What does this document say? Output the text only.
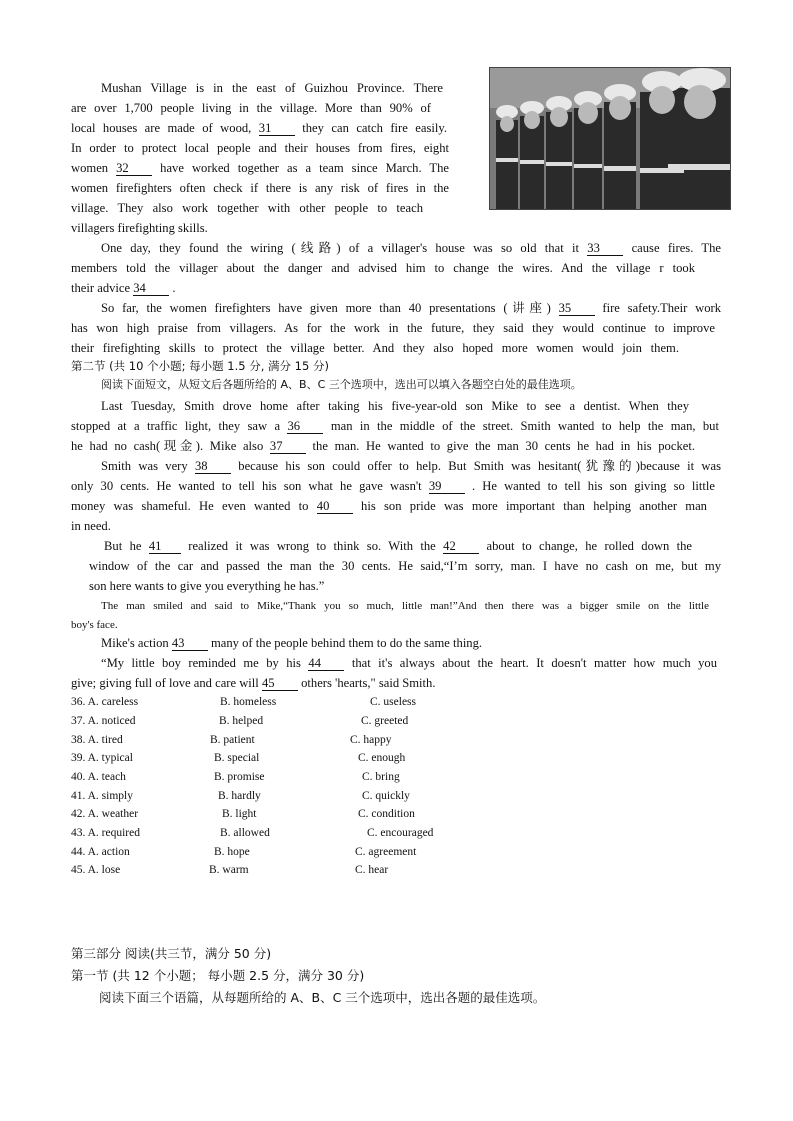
Mushan Village is in the east of Guizhou Province. There

are over 1,700 people living in the village. More than 90% of

local houses are made of wood, 31 they can catch fire easily.

In order to protect local people and their houses from fires, eight

women 32 have worked together as a team since March. The

women firefighters often check if there is any risk of fires in the

village. They also work together with other people to teach

villagers firefighting skills.

One day, they found the wiring (线路) of a villager's house was so old that it 33	cause fires. The

members told the villager about the danger and advised him to change the wires. And the village r took

their advice 34 .

So far, the women firefighters have given more than 40 presentations (讲座) 35 fire safety.Their work

has won high praise from villagers. As for the work in the future, they said they would continue to improve

their firefighting skills to protect the village better. And they also hoped more women would join them.

第二节 (共 10 个小题; 每小题 1.5 分, 满分 15 分)
阅读下面短文，从短文后各题所给的 A、B、C 三个选项中，选出可以填入各题空白处的最佳选项。

Last Tuesday, Smith drove home after taking his five-year-old son Mike to see a dentist. When they

stopped at a traffic light, they saw a 36 man in the middle of the street. Smith wanted to help the man, but

he had no cash(现金). Mike also 37 the man. He wanted to give the man 30 cents he had in his pocket.

Smith was very 38 because his son could offer to help. But Smith was hesitant(犹豫的)because it was

only 30 cents. He wanted to tell his son what he gave wasn't 39 . He wanted to tell his son giving so little

money was shameful. He even wanted to 40	his son pride was more important than helping another man

in need.

But he 41 realized it was wrong to think so. With the 42 about to change, he rolled down the

window of the car and passed the man the 30 cents. He said,“I’m sorry, man. I have no cash on me, but my

son here wants to give you everything he has.”

The man smiled and said to Mike,“Thank you so much, little man!”And then there was a bigger smile on the little

boy's face.

Mike's action 43 many of the people behind them to do the same thing.

“My little boy reminded me by his 44 that it's always about the heart. It doesn't matter how much you

give; giving full of love and care will 45 others 'hearts," said Smith.

36. A. careless	B. homeless	C. useless
37. A. noticed	B. helped	C. greeted
38. A. tired	B. patient	C. happy
39. A. typical	B. special	C. enough
40. A. teach	B. promise	C. bring
41. A. simply	B. hardly	C. quickly
42. A. weather	B. light	C. condition
43. A. required	B. allowed	C. encouraged
44. A. action	B. hope	C. agreement
45. A. lose	B. warm	C. hear
第三部分 阅读(共三节，满分 50 分)
第一节 (共 12 个小题； 每小题 2.5 分，满分 30 分)
阅读下面三个语篇，从每题所给的 A、B、C 三个选项中，选出各题的最佳选项。
